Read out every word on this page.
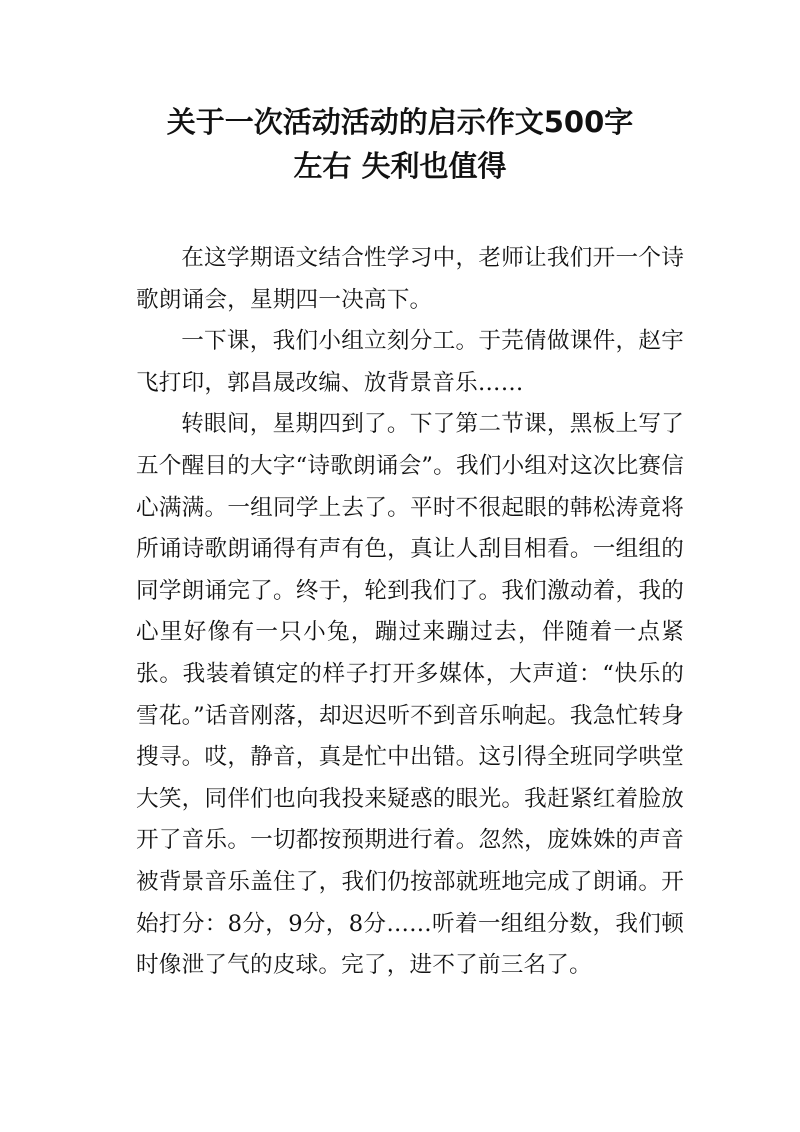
关于一次活动活动的启示作文500字
左右 失利也值得

在这学期语文结合性学习中，老师让我们开一个诗歌朗诵会，星期四一决高下。

一下课，我们小组立刻分工。于芫倩做课件，赵宇飞打印，郭昌晟改编、放背景音乐……

转眼间，星期四到了。下了第二节课，黑板上写了五个醒目的大字“诗歌朗诵会”。我们小组对这次比赛信心满满。一组同学上去了。平时不很起眼的韩松涛竟将所诵诗歌朗诵得有声有色，真让人刮目相看。一组组的同学朗诵完了。终于，轮到我们了。我们激动着，我的心里好像有一只小兔，蹦过来蹦过去，伴随着一点紧张。我装着镇定的样子打开多媒体，大声道：“快乐的雪花。”话音刚落，却迟迟听不到音乐响起。我急忙转身搜寻。哎，静音，真是忙中出错。这引得全班同学哄堂大笑，同伴们也向我投来疑惑的眼光。我赶紧红着脸放开了音乐。一切都按预期进行着。忽然，庞姝姝的声音被背景音乐盖住了，我们仍按部就班地完成了朗诵。开始打分：8分，9分，8分……听着一组组分数，我们顿时像泄了气的皮球。完了，进不了前三名了。
